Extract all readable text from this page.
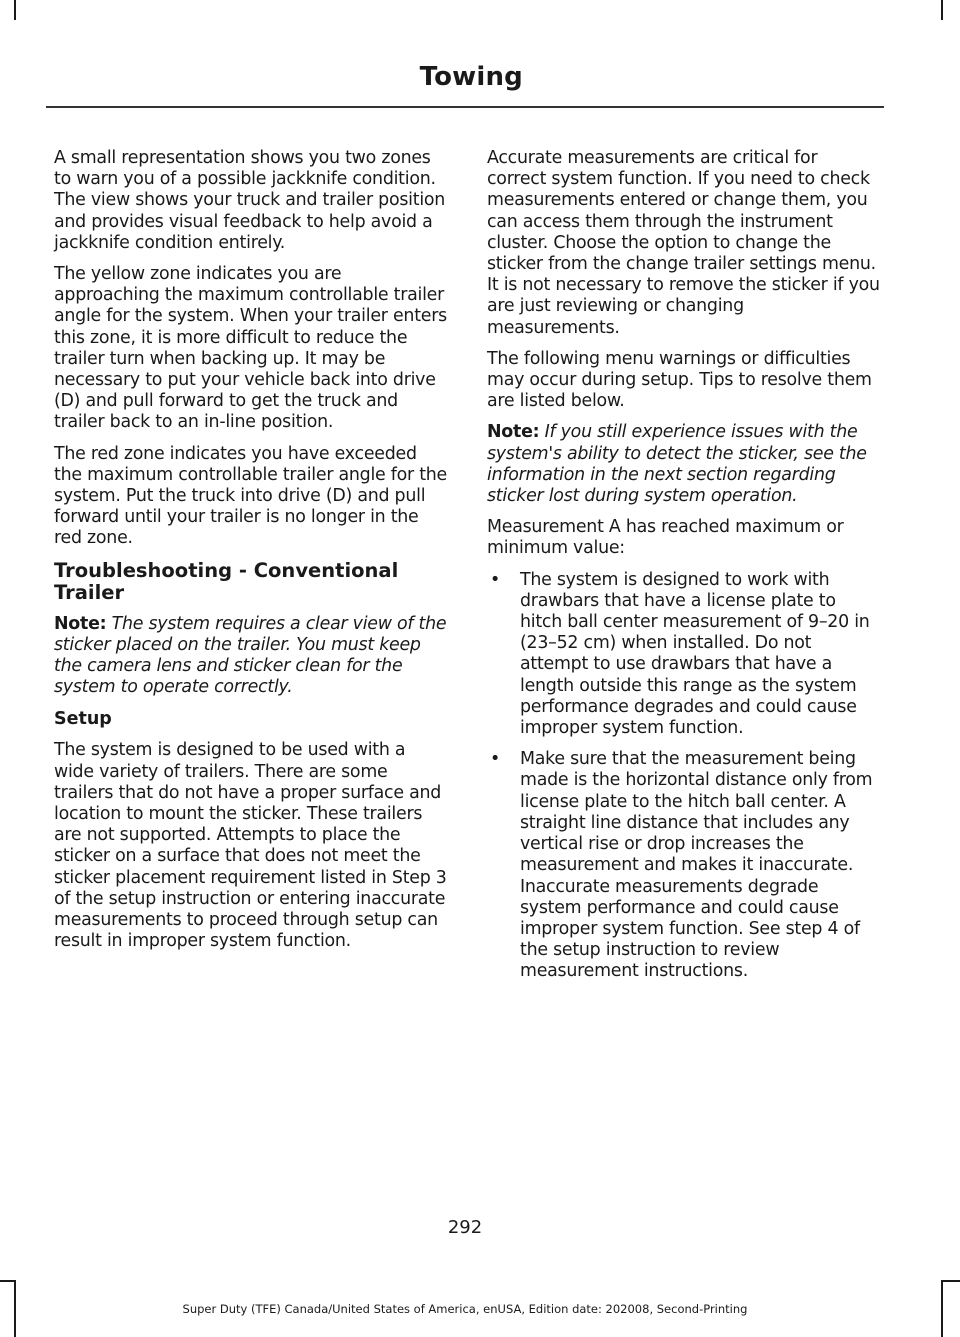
Towing

A small representation shows you two zones to warn you of a possible jackknife condition. The view shows your truck and trailer position and provides visual feedback to help avoid a jackknife condition entirely.

The yellow zone indicates you are approaching the maximum controllable trailer angle for the system. When your trailer enters this zone, it is more difficult to reduce the trailer turn when backing up. It may be necessary to put your vehicle back into drive (D) and pull forward to get the truck and trailer back to an in-line position.

The red zone indicates you have exceeded the maximum controllable trailer angle for the system. Put the truck into drive (D) and pull forward until your trailer is no longer in the red zone.

Troubleshooting - Conventional Trailer

Note: The system requires a clear view of the sticker placed on the trailer. You must keep the camera lens and sticker clean for the system to operate correctly.

Setup

The system is designed to be used with a wide variety of trailers. There are some trailers that do not have a proper surface and location to mount the sticker. These trailers are not supported. Attempts to place the sticker on a surface that does not meet the sticker placement requirement listed in Step 3 of the setup instruction or entering inaccurate measurements to proceed through setup can result in improper system function.

Accurate measurements are critical for correct system function. If you need to check measurements entered or change them, you can access them through the instrument cluster. Choose the option to change the sticker from the change trailer settings menu. It is not necessary to remove the sticker if you are just reviewing or changing measurements.

The following menu warnings or difficulties may occur during setup. Tips to resolve them are listed below.

Note: If you still experience issues with the system's ability to detect the sticker, see the information in the next section regarding sticker lost during system operation.

Measurement A has reached maximum or minimum value:

• The system is designed to work with drawbars that have a license plate to hitch ball center measurement of 9–20 in (23–52 cm) when installed. Do not attempt to use drawbars that have a length outside this range as the system performance degrades and could cause improper system function.
• Make sure that the measurement being made is the horizontal distance only from license plate to the hitch ball center. A straight line distance that includes any vertical rise or drop increases the measurement and makes it inaccurate. Inaccurate measurements degrade system performance and could cause improper system function. See step 4 of the setup instruction to review measurement instructions.
292
Super Duty (TFE) Canada/United States of America, enUSA, Edition date: 202008, Second-Printing
